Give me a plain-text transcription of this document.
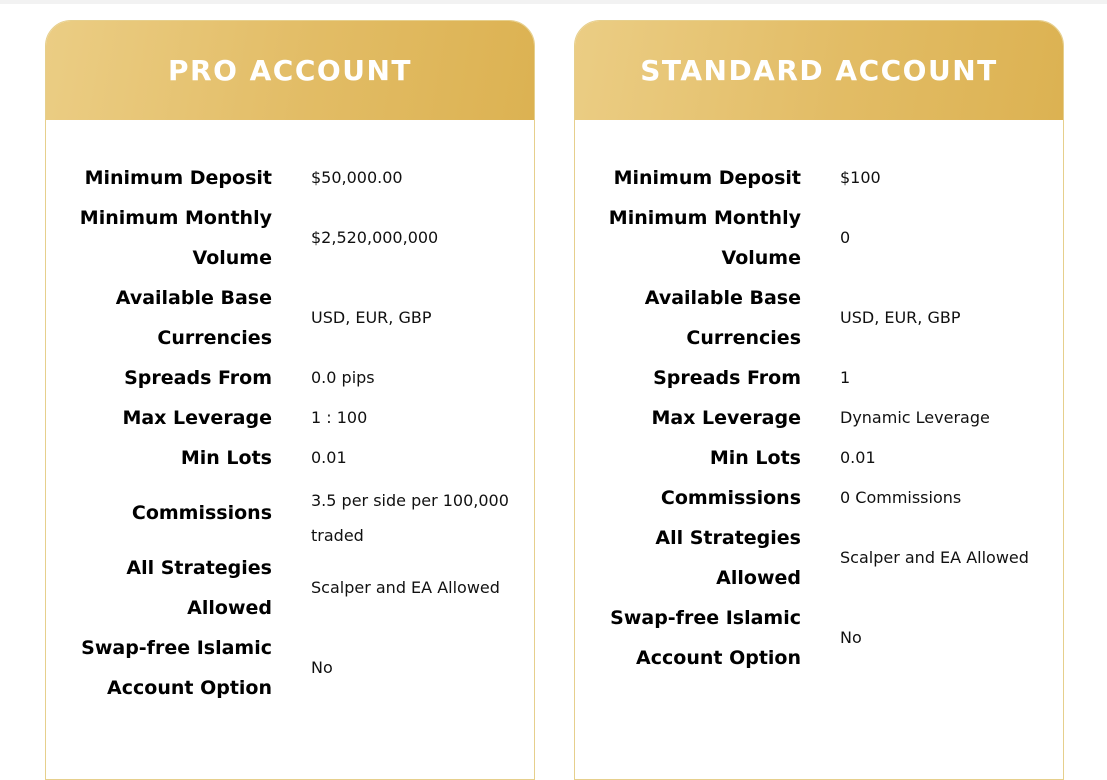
PRO ACCOUNT
Minimum Deposit $50,000.00
Minimum Monthly Volume
$2,520,000,000
Available Base Currencies
USD, EUR, GBP
Spreads From 0.0 pips
Max Leverage 1 : 100
Min Lots 0.01
Commissions
3.5 per side per 100,000 traded
All Strategies Allowed
Scalper and EA Allowed
Swap-free Islamic Account Option
No
STANDARD ACCOUNT
Minimum Deposit $100
Minimum Monthly Volume
0
Available Base Currencies
USD, EUR, GBP
Spreads From 1
Max Leverage Dynamic Leverage
Min Lots 0.01
Commissions 0 Commissions
All Strategies Allowed
Scalper and EA Allowed
Swap-free Islamic Account Option
No
